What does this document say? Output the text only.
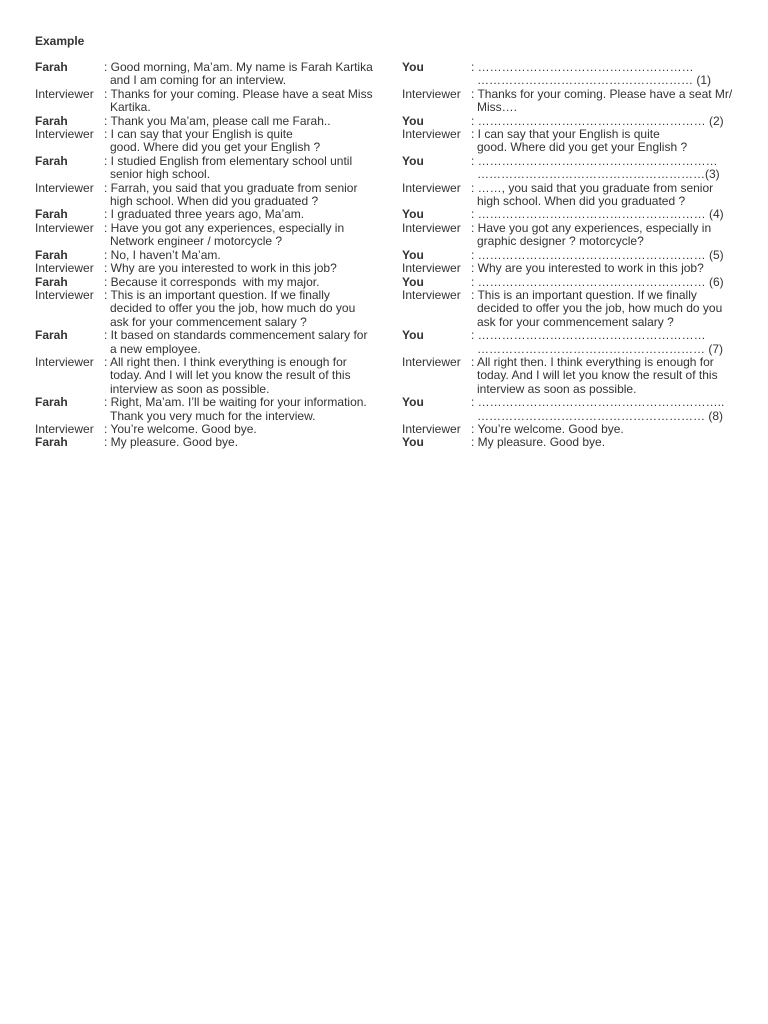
Example
Farah	: Good morning, Ma’am. My name is Farah Kartika
and I am coming for an interview.
Interviewer : Thanks for your coming. Please have a seat Miss
Kartika.
Farah	: Thank you Ma’am, please call me Farah..
Interviewer : I can say that your English is quite
good. Where did you get your English ?
Farah	: I studied English from elementary school until
senior high school.
Interviewer : Farrah, you said that you graduate from senior
high school. When did you graduated ?
Farah	: I graduated three years ago, Ma’am.
Interviewer : Have you got any experiences, especially in
Network engineer / motorcycle ?
Farah	: No, I haven’t Ma’am.
Interviewer : Why are you interested to work in this job?
Farah	: Because it corresponds  with my major.
Interviewer : This is an important question. If we finally
decided to offer you the job, how much do you
ask for your commencement salary ?
Farah	: It based on standards commencement salary for
a new employee.
Interviewer : All right then. I think everything is enough for
today. And I will let you know the result of this
interview as soon as possible.
Farah	: Right, Ma’am. I’ll be waiting for your information.
Thank you very much for the interview.
Interviewer : You’re welcome. Good bye.
Farah	: My pleasure. Good bye.
You	: ………………………………………………
……………………………………………… (1)
Interviewer : Thanks for your coming. Please have a seat Mr/
Miss….
You	: ………………………………………………… (2)
Interviewer : I can say that your English is quite
good. Where did you get your English ?
You	: ……………………………………………………
…………………………………………………(3)
Interviewer : ……, you said that you graduate from senior
high school. When did you graduated ?
You	: ………………………………………………… (4)
Interviewer : Have you got any experiences, especially in
graphic designer ? motorcycle?
You	: ………………………………………………… (5)
Interviewer : Why are you interested to work in this job?
You	: ………………………………………………… (6)
Interviewer : This is an important question. If we finally
decided to offer you the job, how much do you
ask for your commencement salary ?
You	: …………………………………………………
………………………………………………… (7)
Interviewer : All right then. I think everything is enough for
today. And I will let you know the result of this
interview as soon as possible.
You	: ……………………………………………………..
………………………………………………… (8)
Interviewer : You’re welcome. Good bye.
You	: My pleasure. Good bye.
